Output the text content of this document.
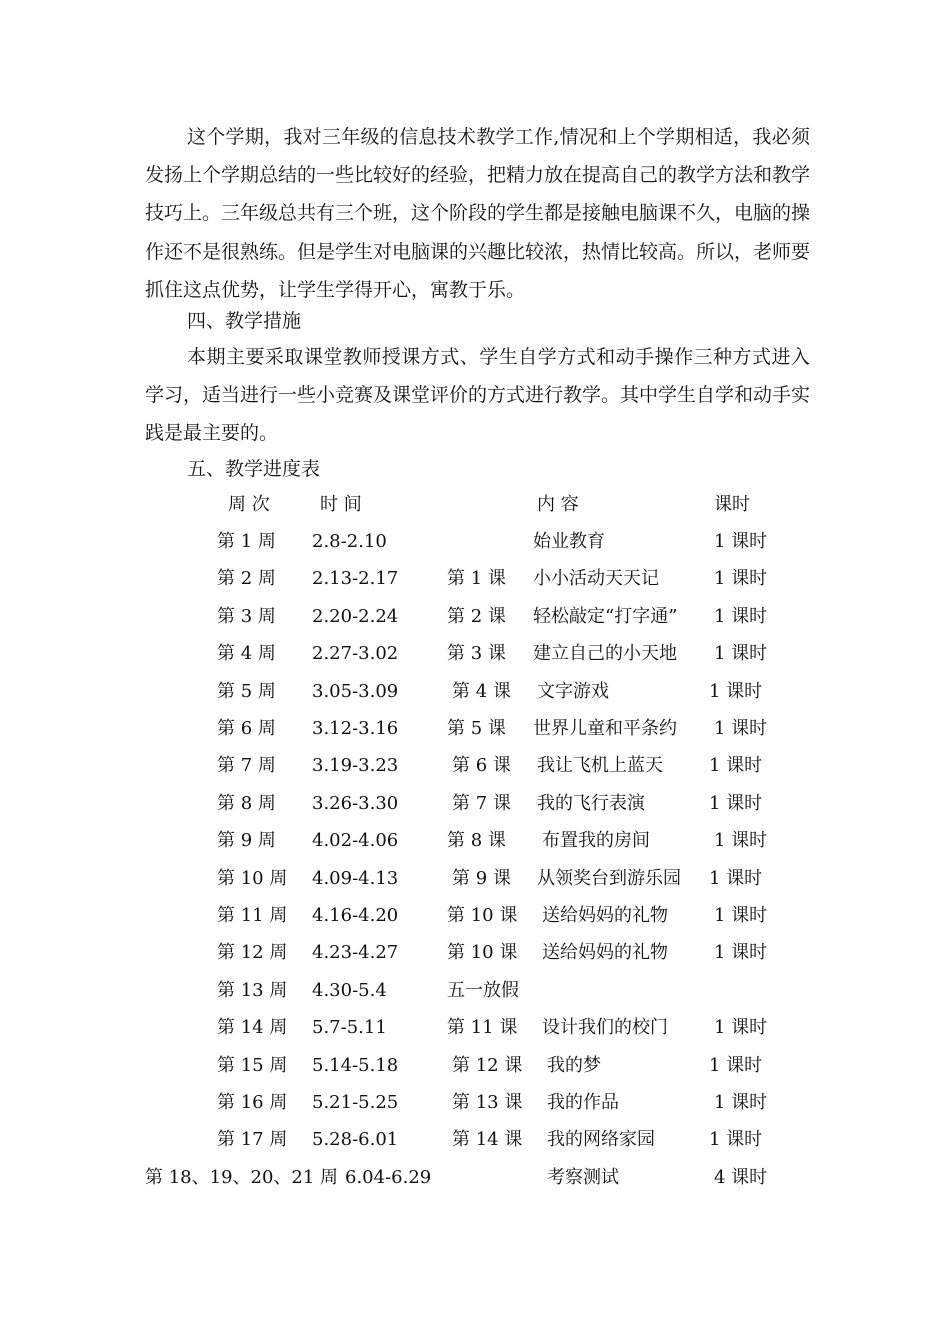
这个学期，我对三年级的信息技术教学工作,情况和上个学期相适，我必须发扬上个学期总结的一些比较好的经验，把精力放在提高自己的教学方法和教学技巧上。三年级总共有三个班，这个阶段的学生都是接触电脑课不久，电脑的操作还不是很熟练。但是学生对电脑课的兴趣比较浓，热情比较高。所以，老师要抓住这点优势，让学生学得开心，寓教于乐。

四、教学措施

本期主要采取课堂教师授课方式、学生自学方式和动手操作三种方式进入学习，适当进行一些小竞赛及课堂评价的方式进行教学。其中学生自学和动手实践是最主要的。

五、教学进度表

周 次	时 间	内 容	课时
第 1 周 2.8-2.10	始业教育	1 课时
第 2 周 2.13-2.17	第 1 课 小小活动天天记	1 课时
第 3 周 2.20-2.24	第 2 课 轻松敲定“打字通” 1 课时
第 4 周 2.27-3.02	第 3 课 建立自己的小天地 1 课时
第 5 周 3.05-3.09	第 4 课 文字游戏	1 课时
第 6 周 3.12-3.16	第 5 课 世界儿童和平条约 1 课时
第 7 周 3.19-3.23	第 6 课 我让飞机上蓝天	1 课时
第 8 周 3.26-3.30	第 7 课 我的飞行表演	1 课时
第 9 周 4.02-4.06	第 8 课 布置我的房间	1 课时
第 10 周 4.09-4.13	第 9 课 从领奖台到游乐园 1 课时
第 11 周 4.16-4.20	第 10 课 送给妈妈的礼物	1 课时
第 12 周 4.23-4.27	第 10 课 送给妈妈的礼物	1 课时
第 13 周 4.30-5.4	五一放假
第 14 周 5.7-5.11	第 11 课 设计我们的校门	1 课时
第 15 周 5.14-5.18	第 12 课 我的梦	1 课时
第 16 周 5.21-5.25	第 13 课 我的作品	1 课时
第 17 周 5.28-6.01	第 14 课 我的网络家园	1 课时
第 18、19、20、21 周 6.04-6.29	考察测试	4 课时
